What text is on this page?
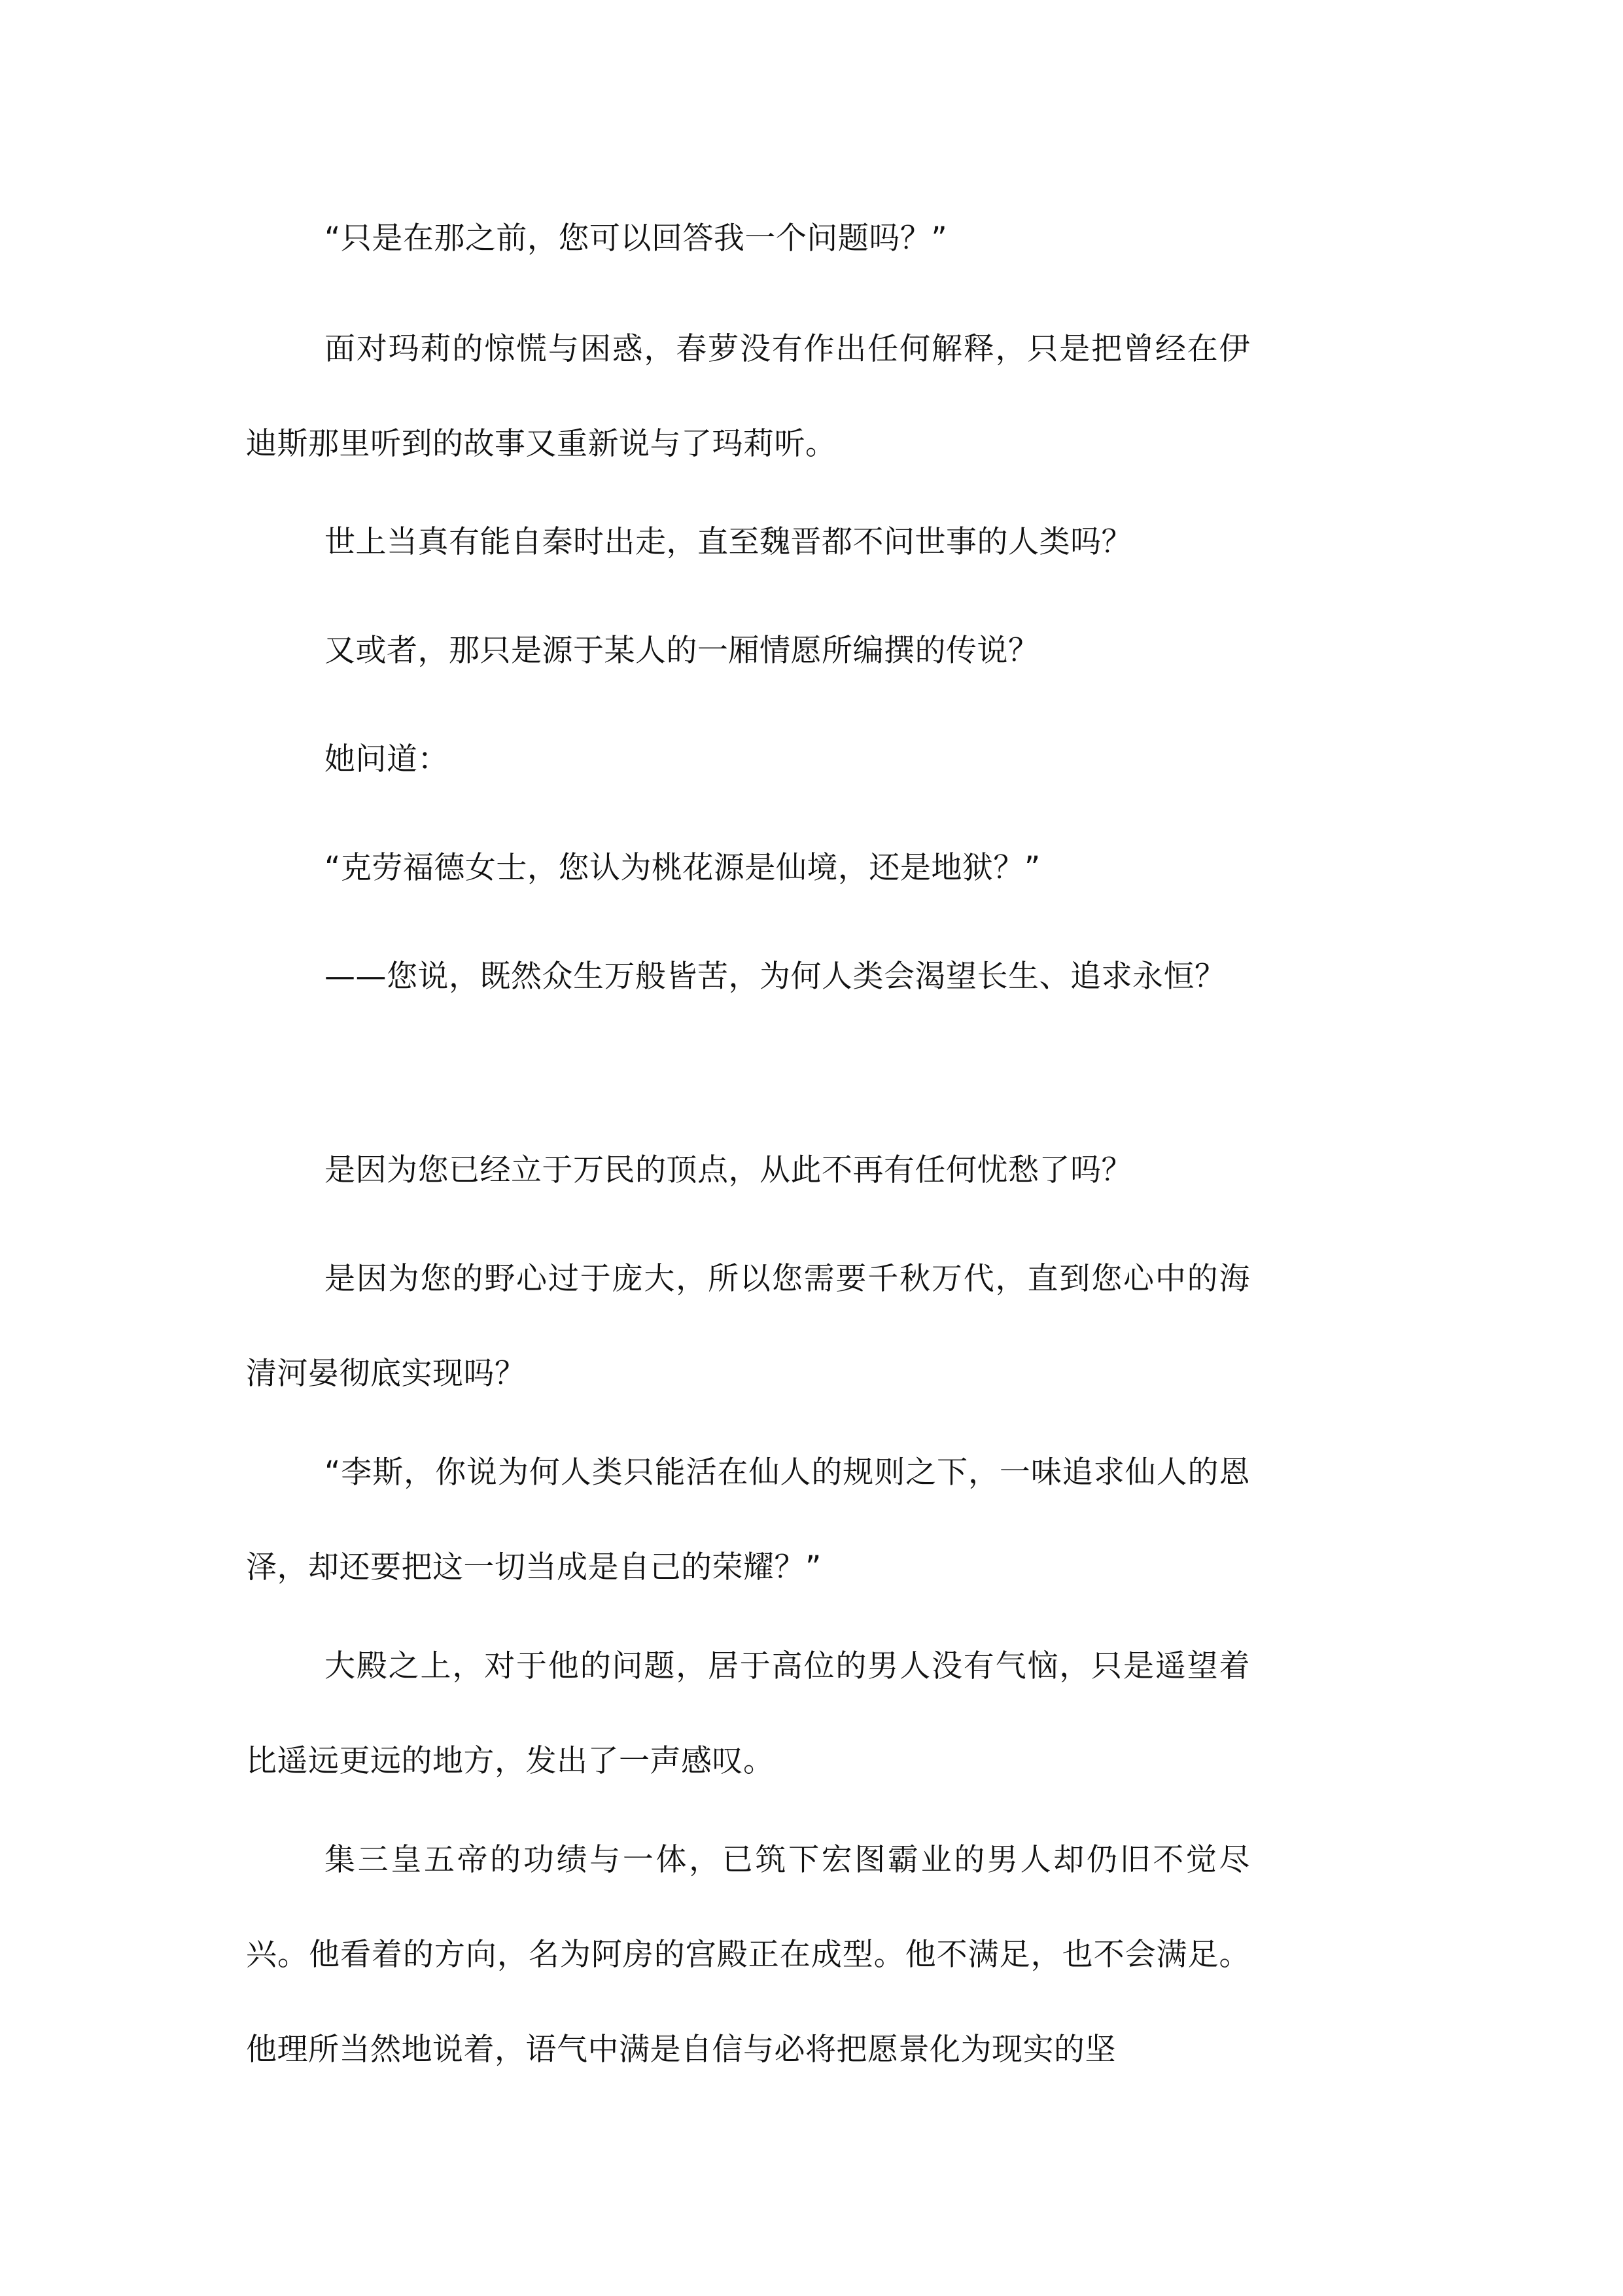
“只是在那之前，您可以回答我一个问题吗？”

面对玛莉的惊慌与困惑，春萝没有作出任何解释，只是把曾经在伊迪斯那里听到的故事又重新说与了玛莉听。

世上当真有能自秦时出走，直至魏晋都不问世事的人类吗？

又或者，那只是源于某人的一厢情愿所编撰的传说？

她问道：

“克劳福德女士，您认为桃花源是仙境，还是地狱？”

——您说，既然众生万般皆苦，为何人类会渴望长生、追求永恒？

是因为您已经立于万民的顶点，从此不再有任何忧愁了吗？

是因为您的野心过于庞大，所以您需要千秋万代，直到您心中的海清河晏彻底实现吗？

“李斯，你说为何人类只能活在仙人的规则之下，一味追求仙人的恩泽，却还要把这一切当成是自己的荣耀？”

大殿之上，对于他的问题，居于高位的男人没有气恼，只是遥望着比遥远更远的地方，发出了一声感叹。

集三皇五帝的功绩与一体，已筑下宏图霸业的男人却仍旧不觉尽兴。他看着的方向，名为阿房的宫殿正在成型。他不满足，也不会满足。他理所当然地说着，语气中满是自信与必将把愿景化为现实的坚
